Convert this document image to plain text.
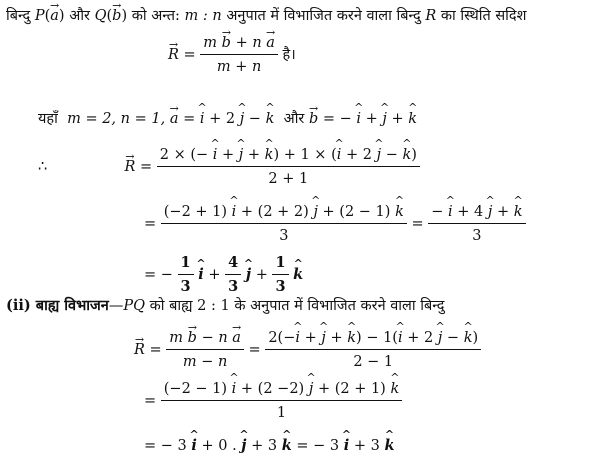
बिन्दु P(→ a) और Q(→ b) को अन्त: m : n अनुपात में विभाजित करने वाला बिन्दु R का स्थिति सदिश
→ $R = \frac{m \to b + n \to a}{m + n}$ है।
यहाँ m = 2, n = 1, → a = ^ i + 2 ^ j − ^ k और → b = − ^ i + ^ j + ^ k
∴	→ R =
2 × (− ^ i + ^ j + ^ k) + 1 × (^ i + 2 ^ j − ^ k)
2 + 1
=
(−2 + 1) ^ i + (2 + 2) ^ j + (2 − 1) ^ k
3
= $\frac{- \^{} i + 4 \^{} j + \^{} k}{3}$
= − $\frac{1}{3}$ ^ $i + \frac{4}{3}$ ^ $j + \frac{1}{3}$ ^ k
(ii) बाह्य विभाजन—PQ को बाह्य 2 : 1 के अनुपात में विभाजित करने वाला बिन्दु
→ $R = \frac{m \to b - n \to a}{m - n}$ =
2(−^ i + ^ j + ^ k) − 1(^ i + 2 ^ j − ^ k)
2 − 1
=
(−2 − 1) ^ i + (2 −2) ^ j + (2 + 1) ^ k
1
= − 3 ^ i + 0 . ^ j + 3 ^ k = − 3 ^ i + 3 ^ k
